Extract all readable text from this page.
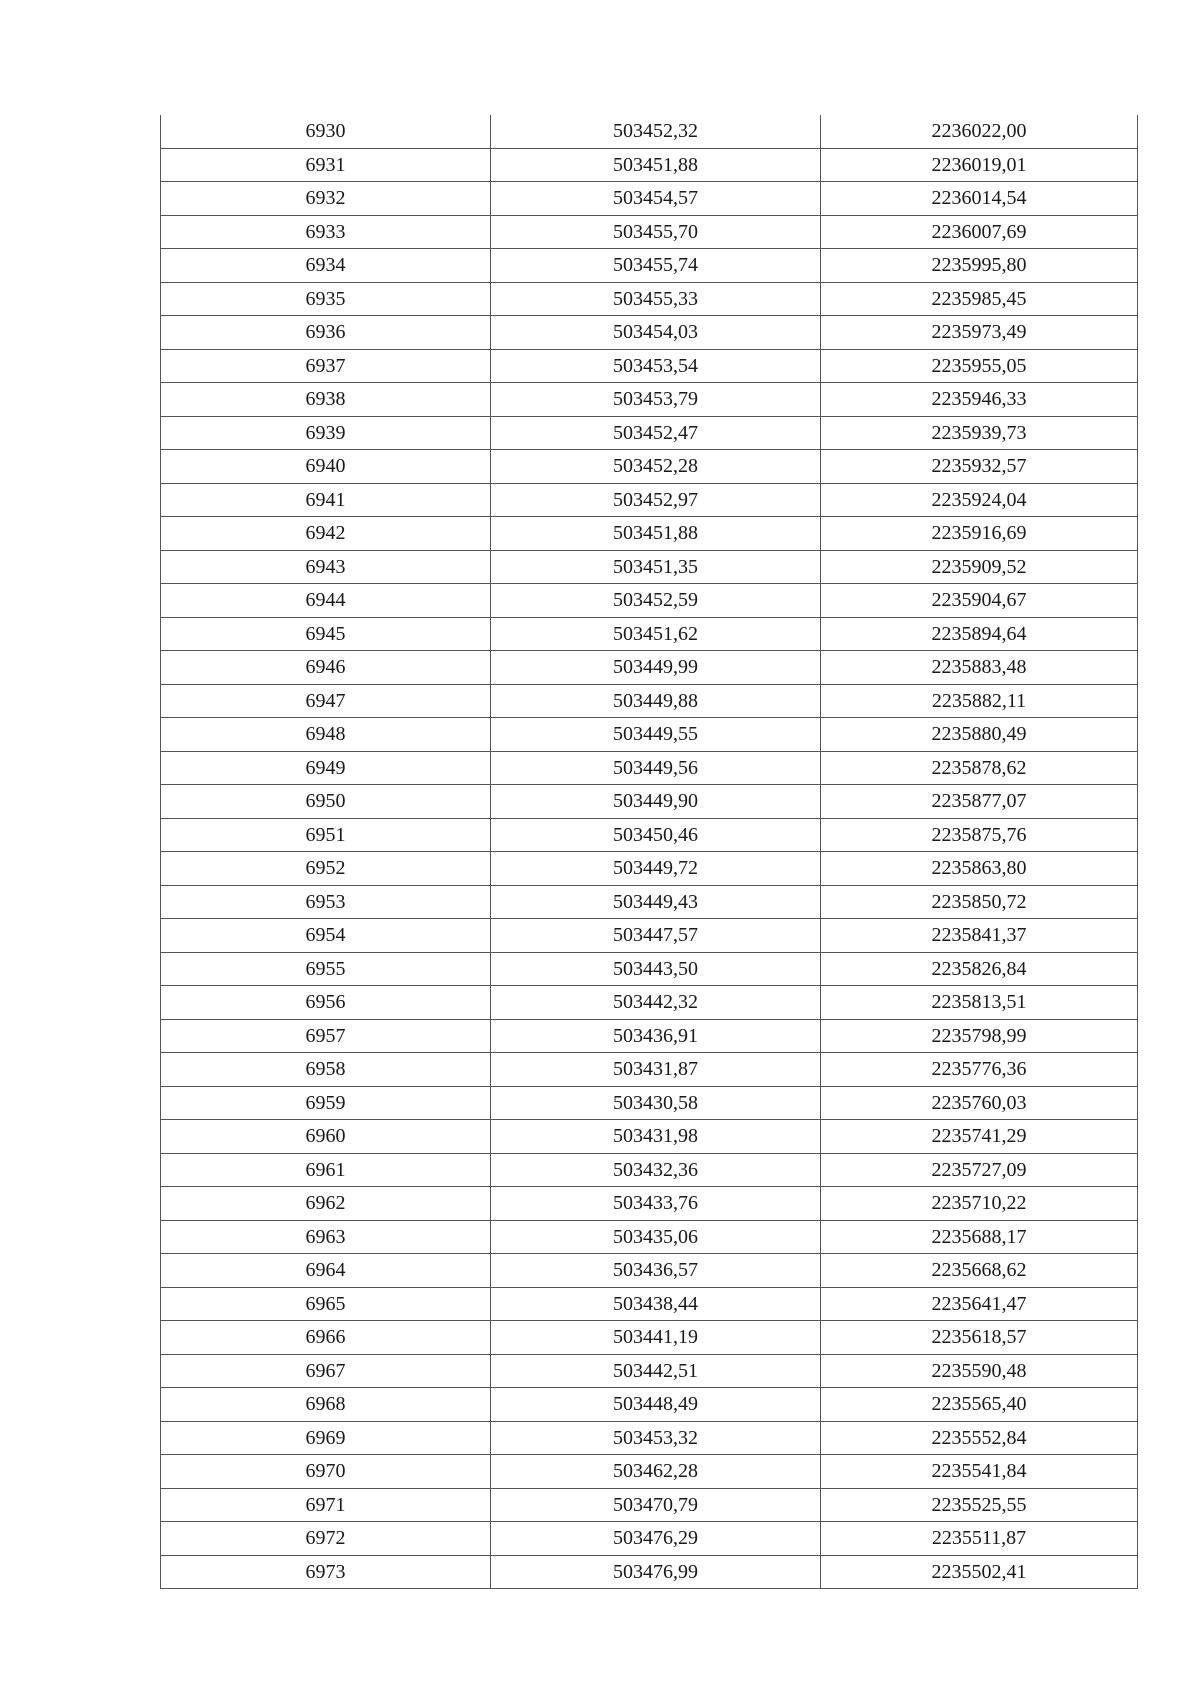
6930	503452,32	2236022,00
6931	503451,88	2236019,01
6932	503454,57	2236014,54
6933	503455,70	2236007,69
6934	503455,74	2235995,80
6935	503455,33	2235985,45
6936	503454,03	2235973,49
6937	503453,54	2235955,05
6938	503453,79	2235946,33
6939	503452,47	2235939,73
6940	503452,28	2235932,57
6941	503452,97	2235924,04
6942	503451,88	2235916,69
6943	503451,35	2235909,52
6944	503452,59	2235904,67
6945	503451,62	2235894,64
6946	503449,99	2235883,48
6947	503449,88	2235882,11
6948	503449,55	2235880,49
6949	503449,56	2235878,62
6950	503449,90	2235877,07
6951	503450,46	2235875,76
6952	503449,72	2235863,80
6953	503449,43	2235850,72
6954	503447,57	2235841,37
6955	503443,50	2235826,84
6956	503442,32	2235813,51
6957	503436,91	2235798,99
6958	503431,87	2235776,36
6959	503430,58	2235760,03
6960	503431,98	2235741,29
6961	503432,36	2235727,09
6962	503433,76	2235710,22
6963	503435,06	2235688,17
6964	503436,57	2235668,62
6965	503438,44	2235641,47
6966	503441,19	2235618,57
6967	503442,51	2235590,48
6968	503448,49	2235565,40
6969	503453,32	2235552,84
6970	503462,28	2235541,84
6971	503470,79	2235525,55
6972	503476,29	2235511,87
6973	503476,99	2235502,41
